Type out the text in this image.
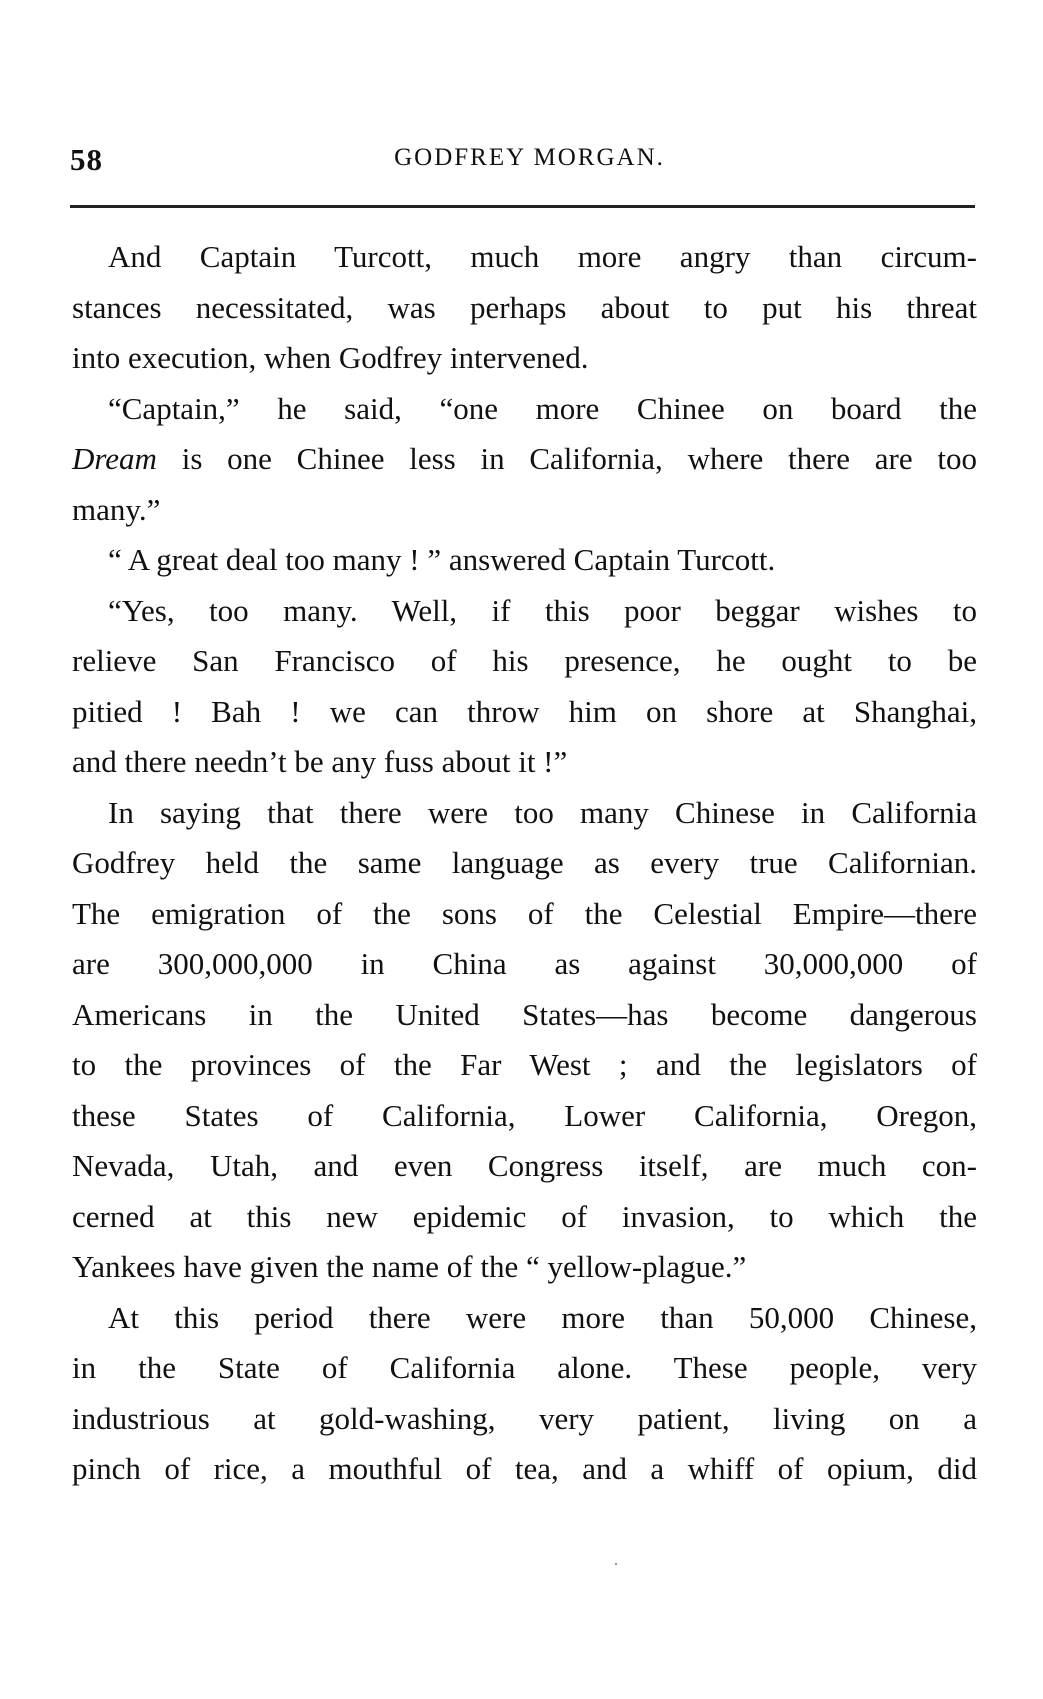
58	GODFREY MORGAN.
And Captain Turcott, much more angry than circum-
stances necessitated, was perhaps about to put his threat
into execution, when Godfrey intervened.
“Captain,” he said, “one more Chinee on board the
Dream is one Chinee less in California, where there are too
many.”
“ A great deal too many ! ” answered Captain Turcott.
“Yes, too many. Well, if this poor beggar wishes to
relieve San Francisco of his presence, he ought to be
pitied ! Bah ! we can throw him on shore at Shanghai,
and there needn’t be any fuss about it !”
In saying that there were too many Chinese in California
Godfrey held the same language as every true Californian.
The emigration of the sons of the Celestial Empire—there
are 300,000,000 in China as against 30,000,000 of
Americans in the United States—has become dangerous
to the provinces of the Far West ; and the legislators of
these States of California, Lower California, Oregon,
Nevada, Utah, and even Congress itself, are much con-
cerned at this new epidemic of invasion, to which the
Yankees have given the name of the “ yellow-plague.”
At this period there were more than 50,000 Chinese,
in the State of California alone. These people, very
industrious at gold-washing, very patient, living on a
pinch of rice, a mouthful of tea, and a whiff of opium, did
